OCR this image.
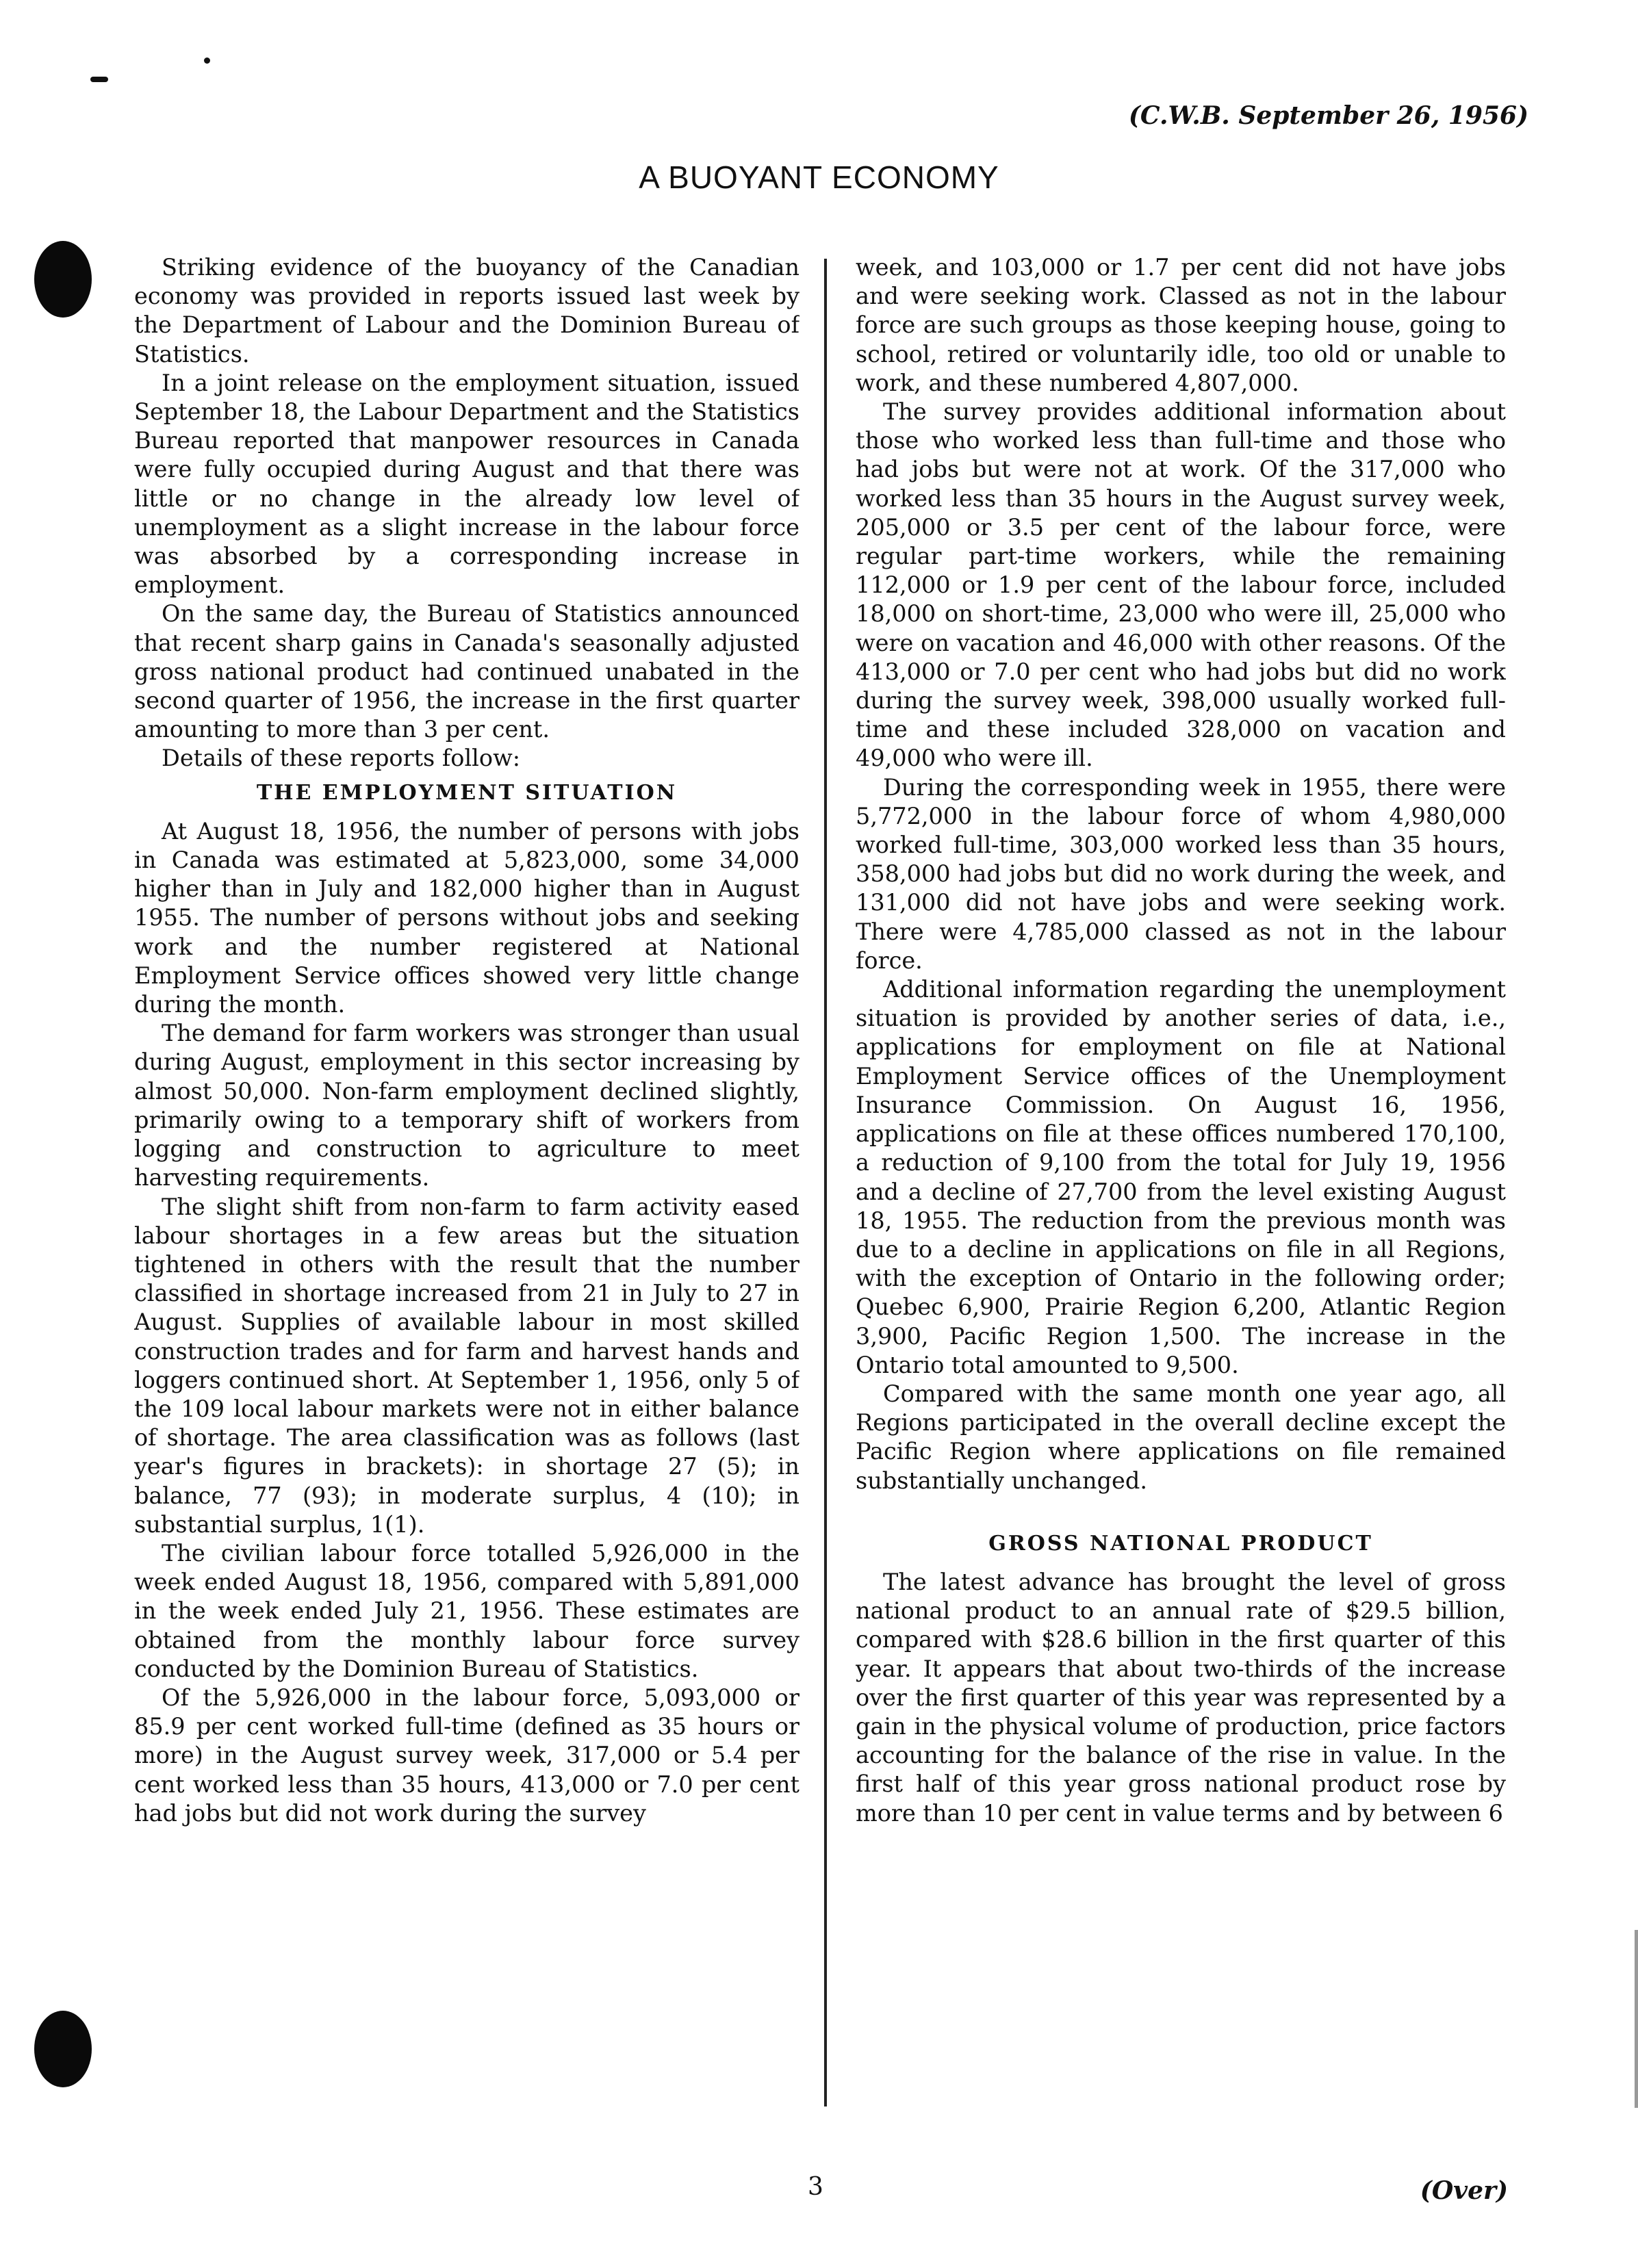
(C.W.B. September 26, 1956)
A BUOYANT ECONOMY

Striking evidence of the buoyancy of the Canadian economy was provided in reports issued last week by the Department of Labour and the Dominion Bureau of Statistics.

In a joint release on the employment situation, issued September 18, the Labour Department and the Statistics Bureau reported that manpower resources in Canada were fully occupied during August and that there was little or no change in the already low level of unemployment as a slight increase in the labour force was absorbed by a corresponding increase in employment.

On the same day, the Bureau of Statistics announced that recent sharp gains in Canada's seasonally adjusted gross national product had continued unabated in the second quarter of 1956, the increase in the first quarter amounting to more than 3 per cent.

Details of these reports follow:

THE EMPLOYMENT SITUATION

At August 18, 1956, the number of persons with jobs in Canada was estimated at 5,823,000, some 34,000 higher than in July and 182,000 higher than in August 1955. The number of persons without jobs and seeking work and the number registered at National Employment Service offices showed very little change during the month.

The demand for farm workers was stronger than usual during August, employment in this sector increasing by almost 50,000. Non-farm employment declined slightly, primarily owing to a temporary shift of workers from logging and construction to agriculture to meet harvesting requirements.

The slight shift from non-farm to farm activity eased labour shortages in a few areas but the situation tightened in others with the result that the number classified in shortage increased from 21 in July to 27 in August. Supplies of available labour in most skilled construction trades and for farm and harvest hands and loggers continued short. At September 1, 1956, only 5 of the 109 local labour markets were not in either balance of shortage. The area classification was as follows (last year's figures in brackets): in shortage 27 (5); in balance, 77 (93); in moderate surplus, 4 (10); in substantial surplus, 1(1).

The civilian labour force totalled 5,926,000 in the week ended August 18, 1956, compared with 5,891,000 in the week ended July 21, 1956. These estimates are obtained from the monthly labour force survey conducted by the Dominion Bureau of Statistics.

Of the 5,926,000 in the labour force, 5,093,000 or 85.9 per cent worked full-time (defined as 35 hours or more) in the August survey week, 317,000 or 5.4 per cent worked less than 35 hours, 413,000 or 7.0 per cent had jobs but did not work during the survey

week, and 103,000 or 1.7 per cent did not have jobs and were seeking work. Classed as not in the labour force are such groups as those keeping house, going to school, retired or voluntarily idle, too old or unable to work, and these numbered 4,807,000.

The survey provides additional information about those who worked less than full-time and those who had jobs but were not at work. Of the 317,000 who worked less than 35 hours in the August survey week, 205,000 or 3.5 per cent of the labour force, were regular part-time workers, while the remaining 112,000 or 1.9 per cent of the labour force, included 18,000 on short-time, 23,000 who were ill, 25,000 who were on vacation and 46,000 with other reasons. Of the 413,000 or 7.0 per cent who had jobs but did no work during the survey week, 398,000 usually worked full-time and these included 328,000 on vacation and 49,000 who were ill.

During the corresponding week in 1955, there were 5,772,000 in the labour force of whom 4,980,000 worked full-time, 303,000 worked less than 35 hours, 358,000 had jobs but did no work during the week, and 131,000 did not have jobs and were seeking work. There were 4,785,000 classed as not in the labour force.

Additional information regarding the unemployment situation is provided by another series of data, i.e., applications for employment on file at National Employment Service offices of the Unemployment Insurance Commission. On August 16, 1956, applications on file at these offices numbered 170,100, a reduction of 9,100 from the total for July 19, 1956 and a decline of 27,700 from the level existing August 18, 1955. The reduction from the previous month was due to a decline in applications on file in all Regions, with the exception of Ontario in the following order; Quebec 6,900, Prairie Region 6,200, Atlantic Region 3,900, Pacific Region 1,500. The increase in the Ontario total amounted to 9,500.

Compared with the same month one year ago, all Regions participated in the overall decline except the Pacific Region where applications on file remained substantially unchanged.

GROSS NATIONAL PRODUCT

The latest advance has brought the level of gross national product to an annual rate of $29.5 billion, compared with $28.6 billion in the first quarter of this year. It appears that about two-thirds of the increase over the first quarter of this year was represented by a gain in the physical volume of production, price factors accounting for the balance of the rise in value. In the first half of this year gross national product rose by more than 10 per cent in value terms and by between 6

3	(Over)
